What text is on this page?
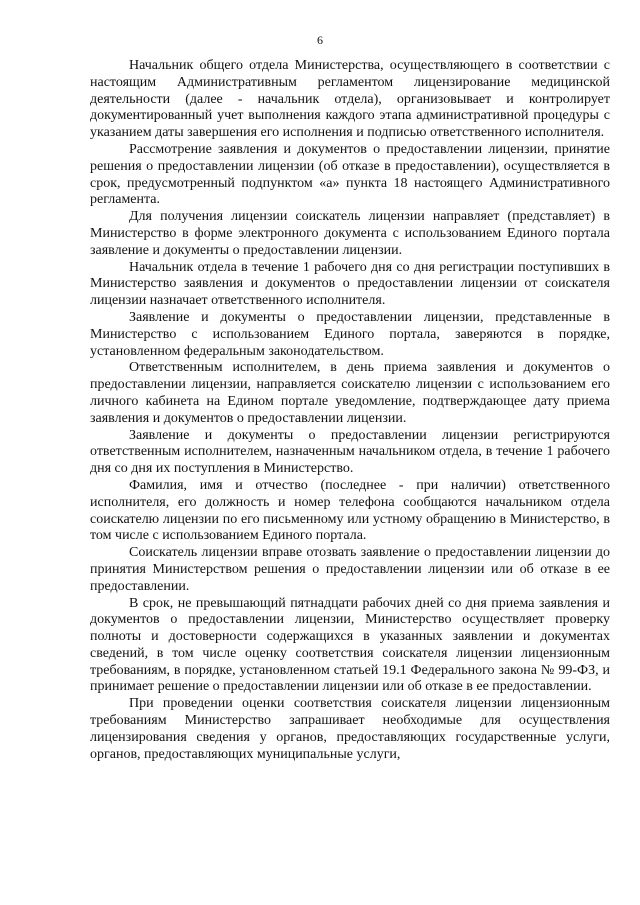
6

Начальник общего отдела Министерства, осуществляющего в соответствии с настоящим Административным регламентом лицензирование медицинской деятельности (далее - начальник отдела), организовывает и контролирует документированный учет выполнения каждого этапа административной процедуры с указанием даты завершения его исполнения и подписью ответственного исполнителя.

Рассмотрение заявления и документов о предоставлении лицензии, принятие решения о предоставлении лицензии (об отказе в предоставлении), осуществляется в срок, предусмотренный подпунктом «а» пункта 18 настоящего Административного регламента.

Для получения лицензии соискатель лицензии направляет (представляет) в Министерство в форме электронного документа с использованием Единого портала заявление и документы о предоставлении лицензии.

Начальник отдела в течение 1 рабочего дня со дня регистрации поступивших в Министерство заявления и документов о предоставлении лицензии от соискателя лицензии назначает ответственного исполнителя.

Заявление и документы о предоставлении лицензии, представленные в Министерство с использованием Единого портала, заверяются в порядке, установленном федеральным законодательством.

Ответственным исполнителем, в день приема заявления и документов о предоставлении лицензии, направляется соискателю лицензии с использованием его личного кабинета на Едином портале уведомление, подтверждающее дату приема заявления и документов о предоставлении лицензии.

Заявление и документы о предоставлении лицензии регистрируются ответственным исполнителем, назначенным начальником отдела, в течение 1 рабочего дня со дня их поступления в Министерство.

Фамилия, имя и отчество (последнее - при наличии) ответственного исполнителя, его должность и номер телефона сообщаются начальником отдела соискателю лицензии по его письменному или устному обращению в Министерство, в том числе с использованием Единого портала.

Соискатель лицензии вправе отозвать заявление о предоставлении лицензии до принятия Министерством решения о предоставлении лицензии или об отказе в ее предоставлении.

В срок, не превышающий пятнадцати рабочих дней со дня приема заявления и документов о предоставлении лицензии, Министерство осуществляет проверку полноты и достоверности содержащихся в указанных заявлении и документах сведений, в том числе оценку соответствия соискателя лицензии лицензионным требованиям, в порядке, установленном статьей 19.1 Федерального закона № 99-ФЗ, и принимает решение о предоставлении лицензии или об отказе в ее предоставлении.

При проведении оценки соответствия соискателя лицензии лицензионным требованиям Министерство запрашивает необходимые для осуществления лицензирования сведения у органов, предоставляющих государственные услуги, органов, предоставляющих муниципальные услуги,
